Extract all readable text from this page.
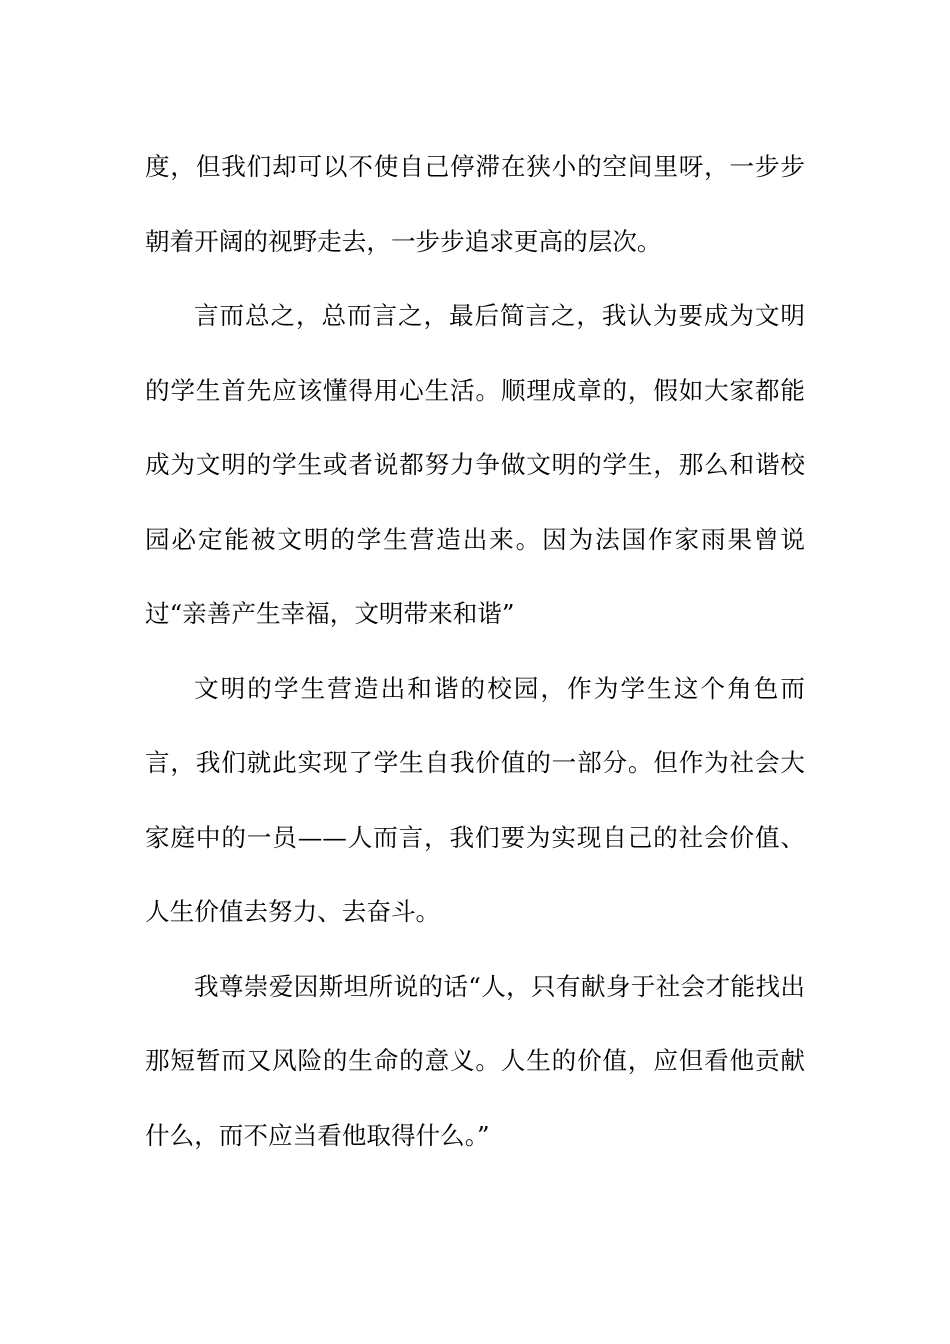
度，但我们却可以不使自己停滞在狭小的空间里呀，一步步朝着开阔的视野走去，一步步追求更高的层次。

言而总之，总而言之，最后简言之，我认为要成为文明的学生首先应该懂得用心生活。顺理成章的，假如大家都能成为文明的学生或者说都努力争做文明的学生，那么和谐校园必定能被文明的学生营造出来。因为法国作家雨果曾说过“亲善产生幸福，文明带来和谐”

文明的学生营造出和谐的校园，作为学生这个角色而言，我们就此实现了学生自我价值的一部分。但作为社会大家庭中的一员——人而言，我们要为实现自己的社会价值、人生价值去努力、去奋斗。

我尊崇爱因斯坦所说的话“人，只有献身于社会才能找出那短暂而又风险的生命的意义。人生的价值，应但看他贡献什么，而不应当看他取得什么。”
